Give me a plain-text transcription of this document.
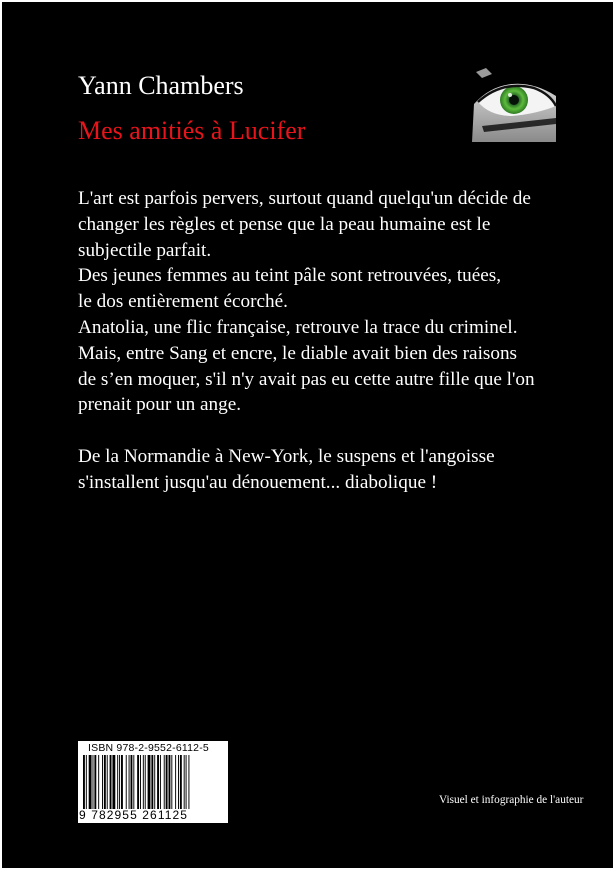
Yann Chambers
Mes amitiés à Lucifer
L'art est parfois pervers, surtout quand quelqu'un décide de
changer les règles et pense que la peau humaine est le
subjectile parfait.
Des jeunes femmes au teint pâle sont retrouvées, tuées,
le dos entièrement écorché.
Anatolia, une flic française, retrouve la trace du criminel.
Mais, entre Sang et encre, le diable avait bien des raisons
de s’en moquer, s'il n'y avait pas eu cette autre fille que l'on
prenait pour un ange.
De la Normandie à New-York, le suspens et l'angoisse
s'installent jusqu'au dénouement... diabolique !
ISBN 978-2-9552-6112-5
9 782955 261125
Visuel et infographie de l'auteur
